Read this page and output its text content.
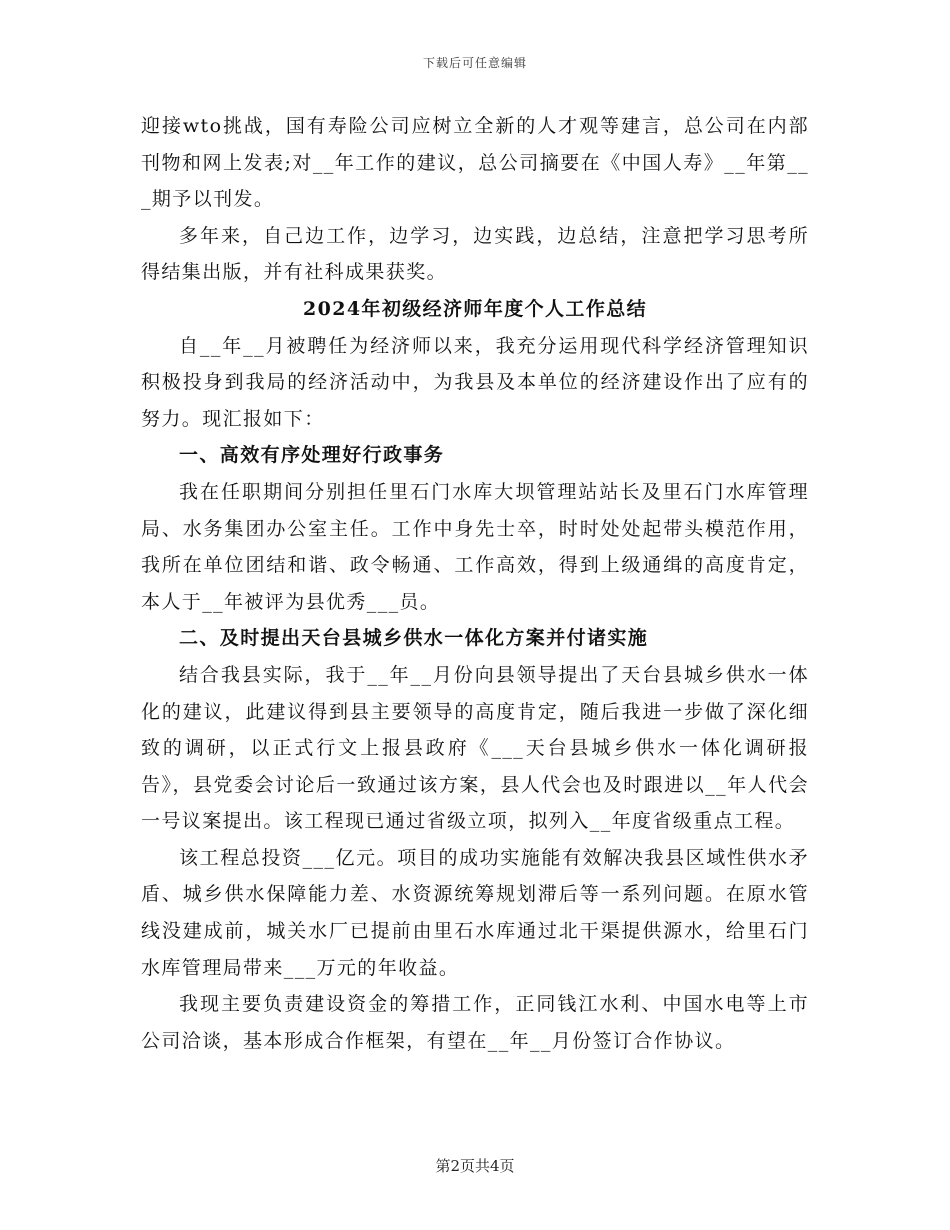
下载后可任意编辑

迎接wto挑战，国有寿险公司应树立全新的人才观等建言，总公司在内部刊物和网上发表;对__年工作的建议，总公司摘要在《中国人寿》__年第___期予以刊发。

多年来，自己边工作，边学习，边实践，边总结，注意把学习思考所得结集出版，并有社科成果获奖。

2024年初级经济师年度个人工作总结

自__年__月被聘任为经济师以来，我充分运用现代科学经济管理知识积极投身到我局的经济活动中，为我县及本单位的经济建设作出了应有的努力。现汇报如下：

一、高效有序处理好行政事务

我在任职期间分别担任里石门水库大坝管理站站长及里石门水库管理局、水务集团办公室主任。工作中身先士卒，时时处处起带头模范作用，我所在单位团结和谐、政令畅通、工作高效，得到上级通缉的高度肯定，本人于__年被评为县优秀___员。

二、及时提出天台县城乡供水一体化方案并付诸实施

结合我县实际，我于__年__月份向县领导提出了天台县城乡供水一体化的建议，此建议得到县主要领导的高度肯定，随后我进一步做了深化细致的调研，以正式行文上报县政府《___天台县城乡供水一体化调研报告》，县党委会讨论后一致通过该方案，县人代会也及时跟进以__年人代会一号议案提出。该工程现已通过省级立项，拟列入__年度省级重点工程。

该工程总投资___亿元。项目的成功实施能有效解决我县区域性供水矛盾、城乡供水保障能力差、水资源统筹规划滞后等一系列问题。在原水管线没建成前，城关水厂已提前由里石水库通过北干渠提供源水，给里石门水库管理局带来___万元的年收益。

我现主要负责建设资金的筹措工作，正同钱江水利、中国水电等上市公司洽谈，基本形成合作框架，有望在__年__月份签订合作协议。

第2页共4页
